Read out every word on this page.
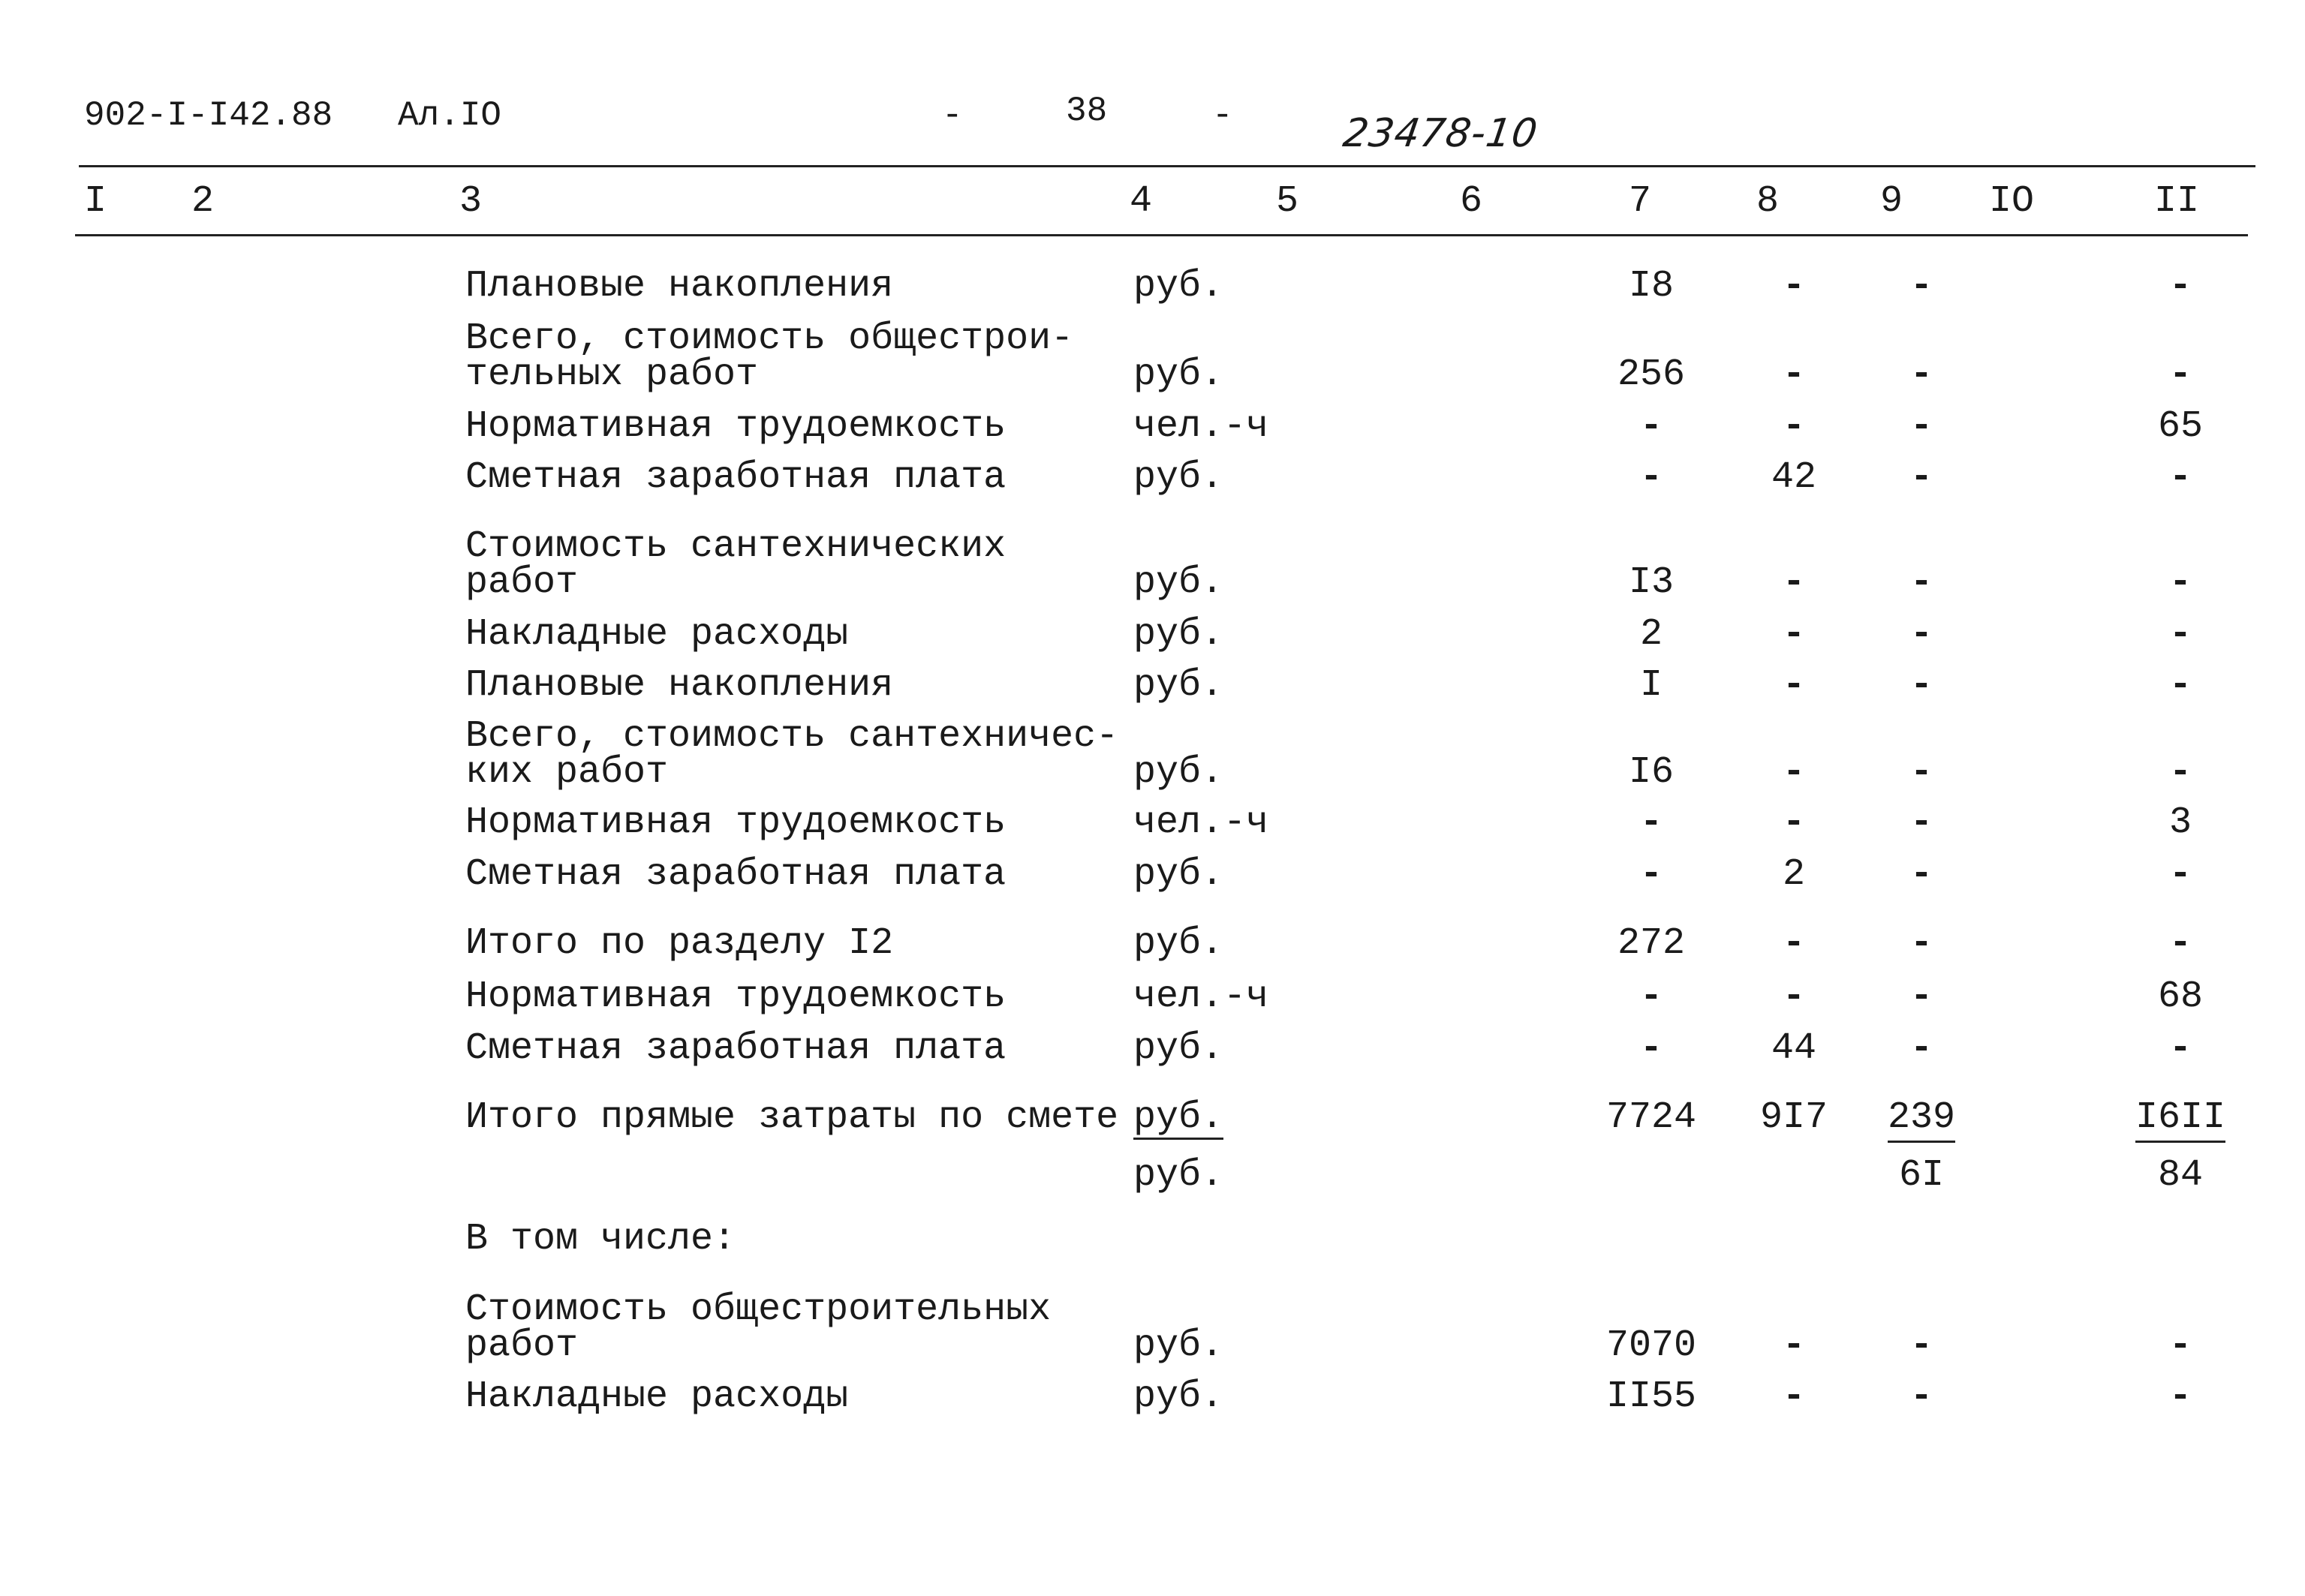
902-I-I42.88 Ал.IO	-	38	-	23478-10
I 2	3	4	5	6	7	8	9 IO	II
Плановые накопления	руб.	I8	-	-	-
Всего, стоимость общестрои-
тельных работ	руб.	256	-	-	-
Нормативная трудоемкость	чел.-ч	-	-	-	65
Сметная заработная плата	руб.	-	42	-	-
Стоимость сантехнических
работ	руб.	I3	-	-	-
Накладные расходы	руб.	2	-	-	-
Плановые накопления	руб.	I	-	-	-
Всего, стоимость сантехничес-
ких работ	руб.	I6	-	-	-
Нормативная трудоемкость	чел.-ч	-	-	-	3
Сметная заработная плата	руб.	-	2	-	-
Итого по разделу I2	руб.	272	-	-	-
Нормативная трудоемкость	чел.-ч	-	-	-	68
Сметная заработная плата	руб.	-	44	-	-
Итого прямые затраты по смете руб.	7724	9I7	239	I6II
руб.	6I	84
В том числе:
Стоимость общестроительных
работ	руб.	7070	-	-	-
Накладные расходы	руб.	II55	-	-	-
